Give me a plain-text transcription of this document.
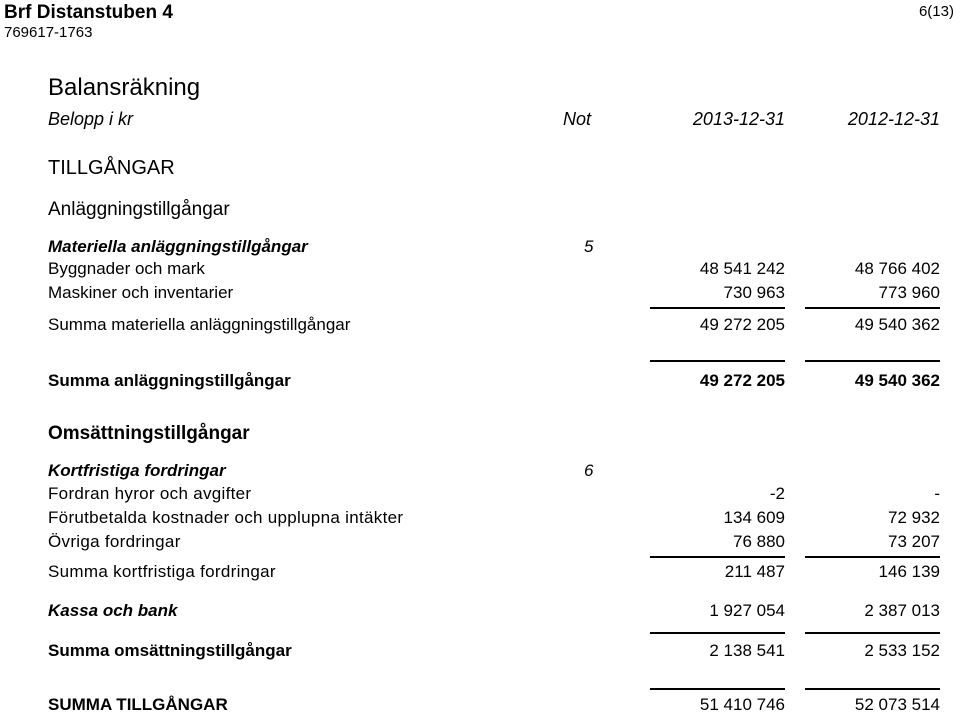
Brf Distanstuben 4
769617-1763
6(13)
Balansräkning
Belopp i kr	Not	2013-12-31	2012-12-31
TILLGÅNGAR
Anläggningstillgångar
Materiella anläggningstillgångar	5
Byggnader och mark	48 541 242	48 766 402
Maskiner och inventarier	730 963	773 960
Summa materiella anläggningstillgångar	49 272 205	49 540 362
Summa anläggningstillgångar	49 272 205	49 540 362
Omsättningstillgångar
Kortfristiga fordringar	6
Fordran hyror och avgifter	-2	-
Förutbetalda kostnader och upplupna intäkter	134 609	72 932
Övriga fordringar	76 880	73 207
Summa kortfristiga fordringar	211 487	146 139
Kassa och bank	1 927 054	2 387 013
Summa omsättningstillgångar	2 138 541	2 533 152
SUMMA TILLGÅNGAR	51 410 746	52 073 514
